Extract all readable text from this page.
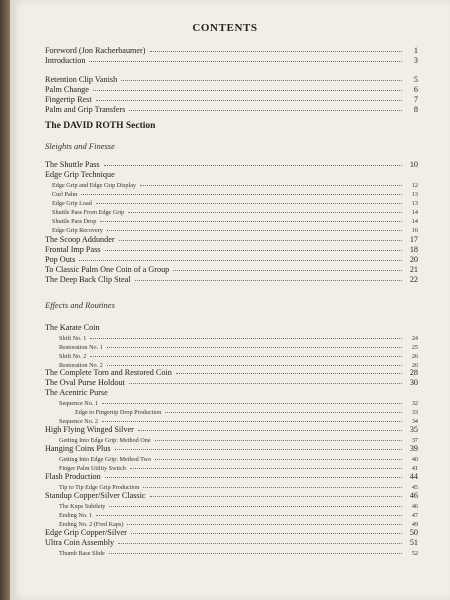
CONTENTS
Foreword (Jon Racherbaumer)	1
Introduction	3
Retention Clip Vanish	5
Palm Change	6
Fingertip Rest	7
Palm and Grip Transfers	8
The DAVID ROTH Section
Sleights and Finesse
The Shuttle Pass	10
Edge Grip Technique
Edge Grip and Edge Grip Display	12
Curl Palm	13
Edge Grip Load	13
Shuttle Pass From Edge Grip	14
Shuttle Pass Drop	14
Edge Grip Recovery	16
The Scoop Addunder	17
Frontal Imp Pass	18
Pop Outs	20
To Classic Palm One Coin of a Group	21
The Deep Back Clip Steal	22
Effects and Routines
The Karate Coin
Shift No. 1	24
Restoration No. 1	25
Shift No. 2	26
Restoration No. 2	26
The Complete Torn and Restored Coin	28
The Oval Purse Holdout	30
The Acentric Purse
Sequence No. 1	32
Edge to Fingertip Drop Production	33
Sequence No. 2	34
High Flying Winged Silver	35
Getting Into Edge Grip: Method One	37
Hanging Coins Plus	39
Getting Into Edge Grip: Method Two	40
Finger Palm Utility Switch	41
Flash Production	44
Tip to Tip Edge Grip Production	45
Standup Copper/Silver Classic	46
The Kups Subtlety	46
Ending No. 1	47
Ending No. 2 (Fred Kaps)	49
Edge Grip Copper/Silver	50
Ultra Coin Assembly	51
Thumb Base Slide	52
